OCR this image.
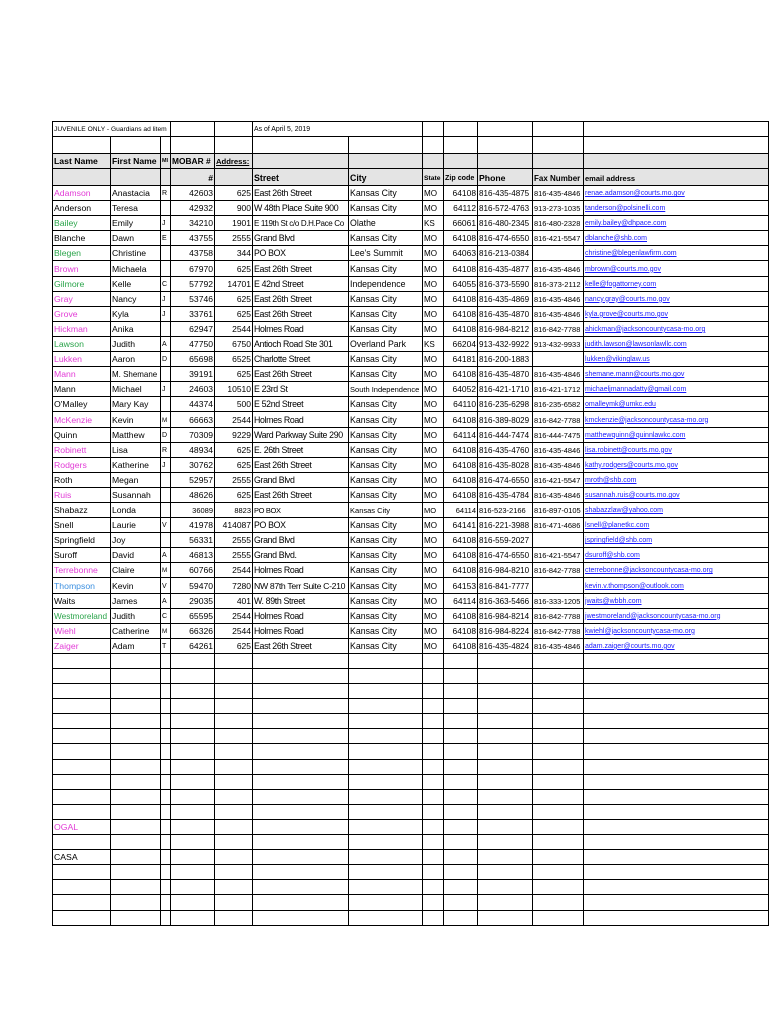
JUVENILE ONLY - Guardians ad litem					As of April 5, 2019						

Last Name	First Name	MI	MOBAR #	Address:							
			#		Street	City	State	Zip code	Phone	Fax Number	email address
Adamson	Anastacia	R	42603	625	East 26th Street	Kansas City	MO	64108	816-435-4875	816-435-4846	renae.adamson@courts.mo.gov
Anderson	Teresa		42932	900	W 48th Place Suite 900	Kansas City	MO	64112	816-572-4763	913-273-1035	tanderson@polsinelli.com
Bailey	Emily	J	34210	1901	E 119th St c/o D.H.Pace Co	Olathe	KS	66061	816-480-2345	816-480-2328	emily.bailey@dhpace.com
Blanche	Dawn	E	43755	2555	Grand Blvd	Kansas City	MO	64108	816-474-6550	816-421-5547	dblanche@shb.com
Blegen	Christine		43758	344	PO BOX	Lee's Summit	MO	64063	816-213-0384		christine@blegenlawfirm.com
Brown	Michaela		67970	625	East 26th Street	Kansas City	MO	64108	816-435-4877	816-435-4846	mbrown@courts.mo.gov
Gilmore	Kelle	C	57792	14701	E 42nd Street	Independence	MO	64055	816-373-5590	816-373-2112	kelle@fogattorney.com
Gray	Nancy	J	53746	625	East 26th Street	Kansas City	MO	64108	816-435-4869	816-435-4846	nancy.gray@courts.mo.gov
Grove	Kyla	J	33761	625	East 26th Street	Kansas City	MO	64108	816-435-4870	816-435-4846	kyla.grove@courts.mo.gov
Hickman	Anika		62947	2544	Holmes Road	Kansas City	MO	64108	816-984-8212	816-842-7788	ahickman@jacksoncountycasa-mo.org
Lawson	Judith	A	47750	6750	Antioch Road Ste 301	Overland Park	KS	66204	913-432-9922	913-432-9933	judith.lawson@lawsonlawllc.com
Lukken	Aaron	D	65698	6525	Charlotte Street	Kansas City	MO	64181	816-200-1883		lukken@vikinglaw.us
Mann	M. Shemane		39191	625	East 26th Street	Kansas City	MO	64108	816-435-4870	816-435-4846	shemane.mann@courts.mo.gov
Mann	Michael	J	24603	10510	E 23rd St	South Independence	MO	64052	816-421-1710	816-421-1712	michaeljmannadatty@gmail.com
O'Malley	Mary Kay		44374	500	E 52nd Street	Kansas City	MO	64110	816-235-6298	816-235-6582	omalleymk@umkc.edu
McKenzie	Kevin	M	66663	2544	Holmes Road	Kansas City	MO	64108	816-389-8029	816-842-7788	kmckenzie@jacksoncountycasa-mo.org
Quinn	Matthew	D	70309	9229	Ward Parkway Suite 290	Kansas City	MO	64114	816-444-7474	816-444-7475	matthewquinn@quinnlawkc.com
Robinett	Lisa	R	48934	625	E. 26th Street	Kansas City	MO	64108	816-435-4760	816-435-4846	lisa.robinett@courts.mo.gov
Rodgers	Katherine	J	30762	625	East 26th Street	Kansas City	MO	64108	816-435-8028	816-435-4846	kathy.rodgers@courts.mo.gov
Roth	Megan		52957	2555	Grand Blvd	Kansas City	MO	64108	816-474-6550	816-421-5547	mroth@shb.com
Ruis	Susannah		48626	625	East 26th Street	Kansas City	MO	64108	816-435-4784	816-435-4846	susannah.ruis@courts.mo.gov
Shabazz	Londa		36089	8823	PO BOX	Kansas City	MO	64114	816-523-2166	816-897-0105	shabazzlaw@yahoo.com
Snell	Laurie	V	41978	414087	PO BOX	Kansas City	MO	64141	816-221-3988	816-471-4686	lsnell@planetkc.com
Springfield	Joy		56331	2555	Grand Blvd	Kansas City	MO	64108	816-559-2027		jspringfield@shb.com
Suroff	David	A	46813	2555	Grand Blvd.	Kansas City	MO	64108	816-474-6550	816-421-5547	dsuroff@shb.com
Terrebonne	Claire	M	60766	2544	Holmes Road	Kansas City	MO	64108	816-984-8210	816-842-7788	cterrebonne@jacksoncountycasa-mo.org
Thompson	Kevin	V	59470	7280	NW 87th Terr Suite C-210	Kansas City	MO	64153	816-841-7777		kevin.v.thompson@outlook.com
Waits	James	A	29035	401	W. 89th Street	Kansas City	MO	64114	816-363-5466	816-333-1205	jwaits@wbbh.com
Westmoreland	Judith	C	65595	2544	Holmes Road	Kansas City	MO	64108	816-984-8214	816-842-7788	jwestmoreland@jacksoncountycasa-mo.org
Wiehl	Catherine	M	66326	2544	Holmes Road	Kansas City	MO	64108	816-984-8224	816-842-7788	kwiehl@jacksoncountycasa-mo.org
Zaiger	Adam	T	64261	625	East 26th Street	Kansas City	MO	64108	816-435-4824	816-435-4846	adam.zaiger@courts.mo.gov

OGAL											

CASA											
